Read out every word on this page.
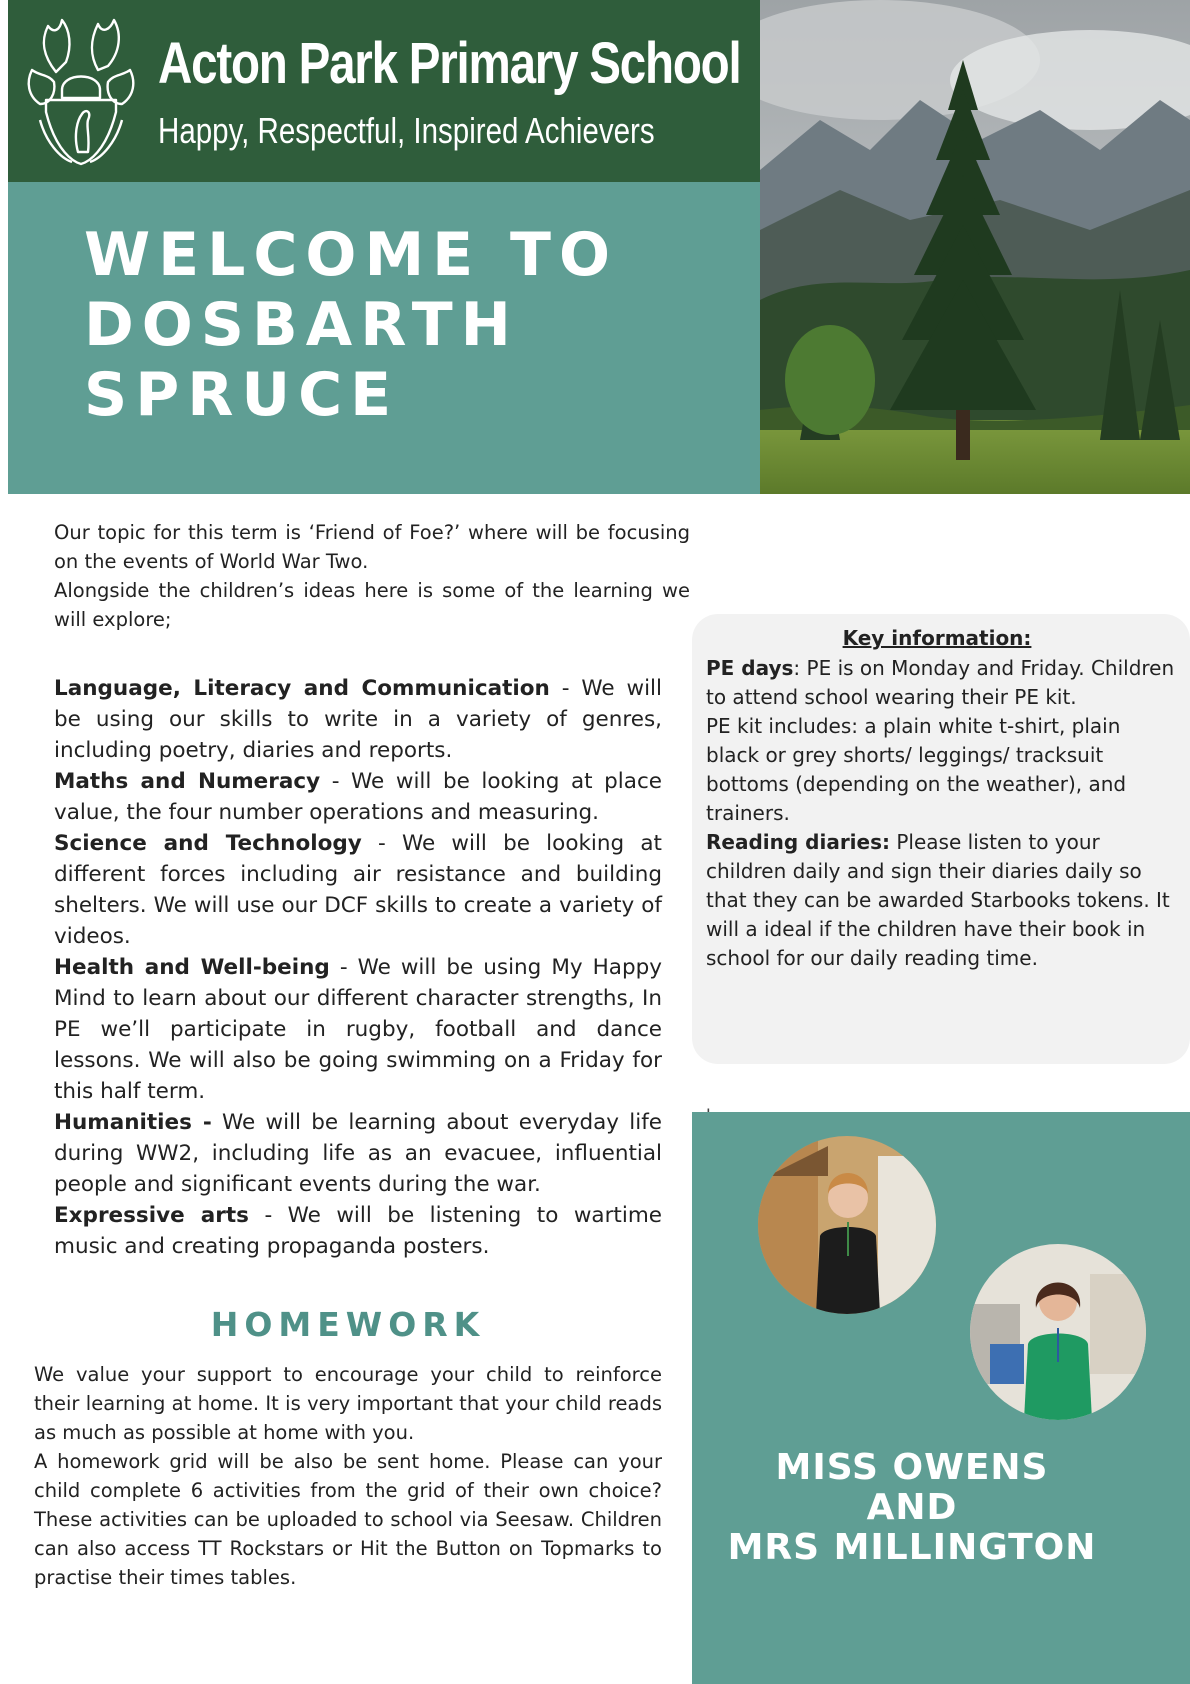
Acton Park Primary School
Happy, Respectful, Inspired Achievers
WELCOME TO
DOSBARTH
SPRUCE

Our topic for this term is ‘Friend of Foe?’ where will be focusing on the events of World War Two.

Alongside the children’s ideas here is some of the learning we will explore;

Language, Literacy and Communication - We will be using our skills to write in a variety of genres, including poetry, diaries and reports.

Maths and Numeracy - We will be looking at place value, the four number operations and measuring.

Science and Technology - We will be looking at different forces including air resistance and building shelters. We will use our DCF skills to create a variety of videos.

Health and Well-being - We will be using My Happy Mind to learn about our different character strengths, In PE we’ll participate in rugby, football and dance lessons. We will also be going swimming on a Friday for this half term.

Humanities - We will be learning about everyday life during WW2, including life as an evacuee, influential people and significant events during the war.

Expressive arts - We will be listening to wartime music and creating propaganda posters.

HOMEWORK

We value your support to encourage your child to reinforce their learning at home. It is very important that your child reads as much as possible at home with you.

A homework grid will be also be sent home. Please can your child complete 6 activities from the grid of their own choice? These activities can be uploaded to school via Seesaw. Children can also access TT Rockstars or Hit the Button on Topmarks to practise their times tables.

Key information:

PE days: PE is on Monday and Friday. Children to attend school wearing their PE kit.

PE kit includes: a plain white t-shirt, plain black or grey shorts/ leggings/ tracksuit bottoms (depending on the weather), and trainers.

Reading diaries: Please listen to your children daily and sign their diaries daily so that they can be awarded Starbooks tokens. It will a ideal if the children have their book in school for our daily reading time.

MISS OWENS
AND
MRS MILLINGTON
